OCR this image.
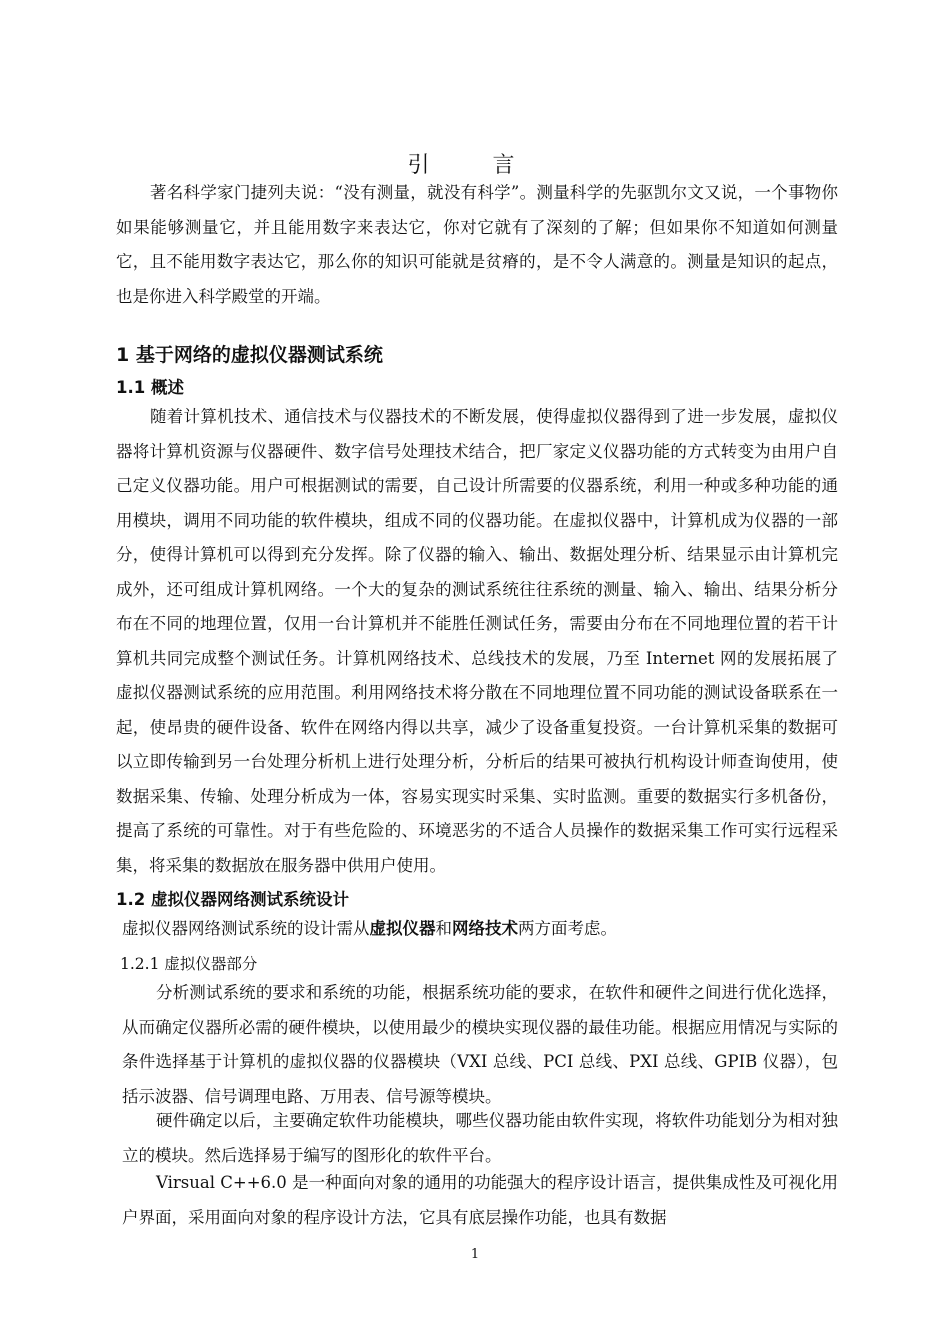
引 言
著名科学家门捷列夫说：“没有测量，就没有科学”。测量科学的先驱凯尔文又说，一个事物你如果能够测量它，并且能用数字来表达它，你对它就有了深刻的了解；但如果你不知道如何测量它，且不能用数字表达它，那么你的知识可能就是贫瘠的，是不令人满意的。测量是知识的起点，也是你进入科学殿堂的开端。
1 基于网络的虚拟仪器测试系统
1.1 概述
随着计算机技术、通信技术与仪器技术的不断发展，使得虚拟仪器得到了进一步发展，虚拟仪器将计算机资源与仪器硬件、数字信号处理技术结合，把厂家定义仪器功能的方式转变为由用户自己定义仪器功能。用户可根据测试的需要，自己设计所需要的仪器系统，利用一种或多种功能的通用模块，调用不同功能的软件模块，组成不同的仪器功能。在虚拟仪器中，计算机成为仪器的一部分，使得计算机可以得到充分发挥。除了仪器的输入、输出、数据处理分析、结果显示由计算机完成外，还可组成计算机网络。一个大的复杂的测试系统往往系统的测量、输入、输出、结果分析分布在不同的地理位置，仅用一台计算机并不能胜任测试任务，需要由分布在不同地理位置的若干计算机共同完成整个测试任务。计算机网络技术、总线技术的发展，乃至 Internet 网的发展拓展了虚拟仪器测试系统的应用范围。利用网络技术将分散在不同地理位置不同功能的测试设备联系在一起，使昂贵的硬件设备、软件在网络内得以共享，减少了设备重复投资。一台计算机采集的数据可以立即传输到另一台处理分析机上进行处理分析，分析后的结果可被执行机构设计师查询使用，使数据采集、传输、处理分析成为一体，容易实现实时采集、实时监测。重要的数据实行多机备份，提高了系统的可靠性。对于有些危险的、环境恶劣的不适合人员操作的数据采集工作可实行远程采集，将采集的数据放在服务器中供用户使用。
1.2 虚拟仪器网络测试系统设计
虚拟仪器网络测试系统的设计需从虚拟仪器和网络技术两方面考虑。
1.2.1 虚拟仪器部分
分析测试系统的要求和系统的功能，根据系统功能的要求，在软件和硬件之间进行优化选择，从而确定仪器所必需的硬件模块，以使用最少的模块实现仪器的最佳功能。根据应用情况与实际的条件选择基于计算机的虚拟仪器的仪器模块（VXI 总线、PCI 总线、PXI 总线、GPIB 仪器），包括示波器、信号调理电路、万用表、信号源等模块。
硬件确定以后，主要确定软件功能模块，哪些仪器功能由软件实现，将软件功能划分为相对独立的模块。然后选择易于编写的图形化的软件平台。
Virsual C++6.0 是一种面向对象的通用的功能强大的程序设计语言，提供集成性及可视化用户界面，采用面向对象的程序设计方法，它具有底层操作功能，也具有数据
1
